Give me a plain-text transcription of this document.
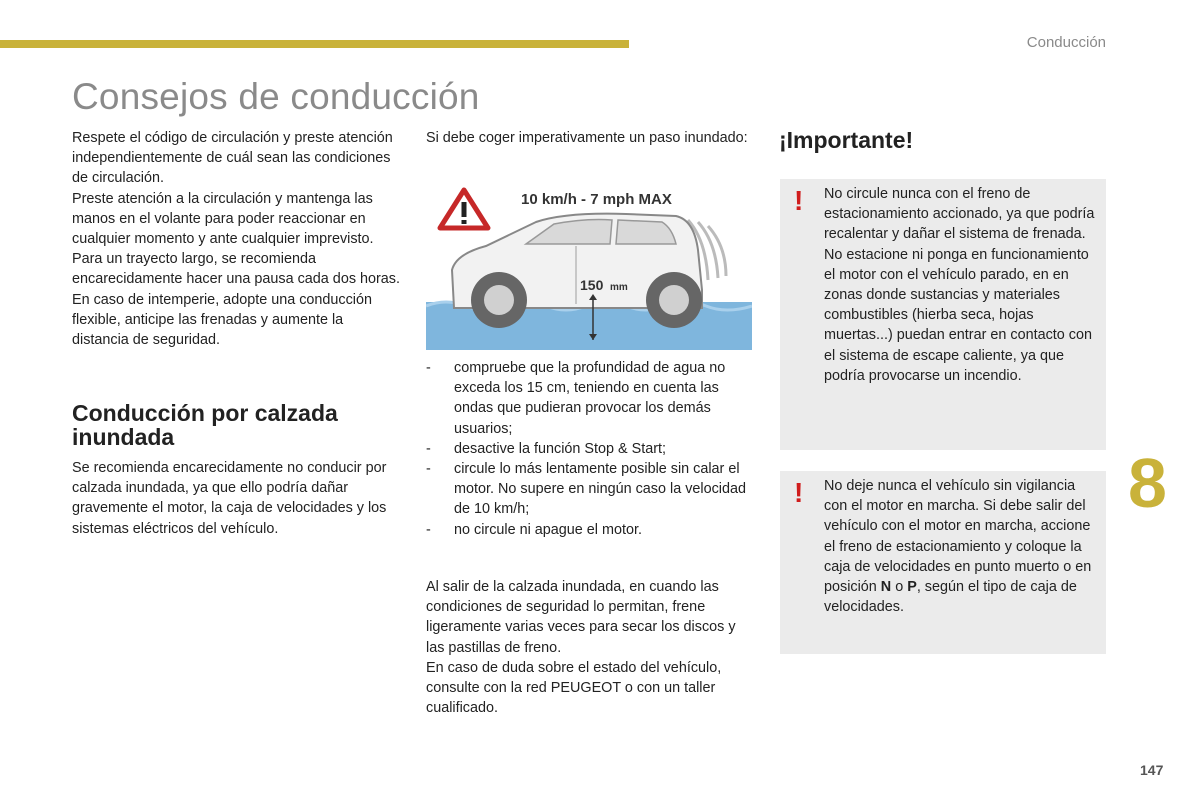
Conducción
Consejos de conducción

Respete el código de circulación y preste atención independientemente de cuál sean las condiciones de circulación.
Preste atención a la circulación y mantenga las manos en el volante para poder reaccionar en cualquier momento y ante cualquier imprevisto.
Para un trayecto largo, se recomienda encarecidamente hacer una pausa cada dos horas.
En caso de intemperie, adopte una conducción flexible, anticipe las frenadas y aumente la distancia de seguridad.

Conducción por calzada inundada

Se recomienda encarecidamente no conducir por calzada inundada, ya que ello podría dañar gravemente el motor, la caja de velocidades y los sistemas eléctricos del vehículo.

Si debe coger imperativamente un paso inundado:

10 km/h - 7 mph MAX
150 mm
- compruebe que la profundidad de agua no exceda los 15 cm, teniendo en cuenta las ondas que pudieran provocar los demás usuarios;
- desactive la función Stop & Start;
- circule lo más lentamente posible sin calar el motor. No supere en ningún caso la velocidad de 10 km/h;
- no circule ni apague el motor.

Al salir de la calzada inundada, en cuando las condiciones de seguridad lo permitan, frene ligeramente varias veces para secar los discos y las pastillas de freno.
En caso de duda sobre el estado del vehículo, consulte con la red PEUGEOT o con un taller cualificado.

¡Importante!
! No circule nunca con el freno de estacionamiento accionado, ya que podría recalentar y dañar el sistema de frenada.
No estacione ni ponga en funcionamiento el motor con el vehículo parado, en en zonas donde sustancias y materiales combustibles (hierba seca, hojas muertas...) puedan entrar en contacto con el sistema de escape caliente, ya que podría provocarse un incendio.

! No deje nunca el vehículo sin vigilancia con el motor en marcha. Si debe salir del vehículo con el motor en marcha, accione el freno de estacionamiento y coloque la caja de velocidades en punto muerto o en posición N o P, según el tipo de caja de velocidades.

8
147
